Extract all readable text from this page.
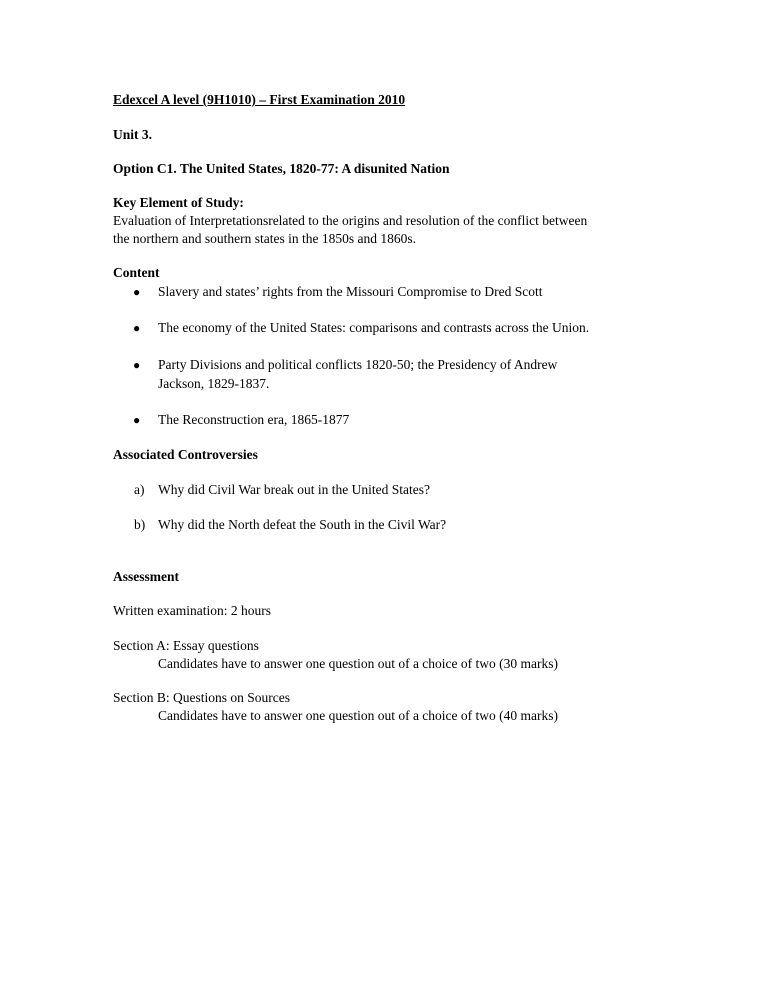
Edexcel A level (9H1010) – First Examination 2010
Unit 3.
Option C1. The United States, 1820-77: A disunited Nation
Key Element of Study:
Evaluation of Interpretationsrelated to the origins and resolution of the conflict between
the northern and southern states in the 1850s and 1860s.
Content
● Slavery and states’ rights from the Missouri Compromise to Dred Scott
● The economy of the United States: comparisons and contrasts across the Union.
● Party Divisions and political conflicts 1820-50; the Presidency of Andrew
Jackson, 1829-1837.
● The Reconstruction era, 1865-1877
Associated Controversies
a) Why did Civil War break out in the United States?
b) Why did the North defeat the South in the Civil War?
Assessment
Written examination: 2 hours
Section A: Essay questions
Candidates have to answer one question out of a choice of two (30 marks)
Section B: Questions on Sources
Candidates have to answer one question out of a choice of two (40 marks)
